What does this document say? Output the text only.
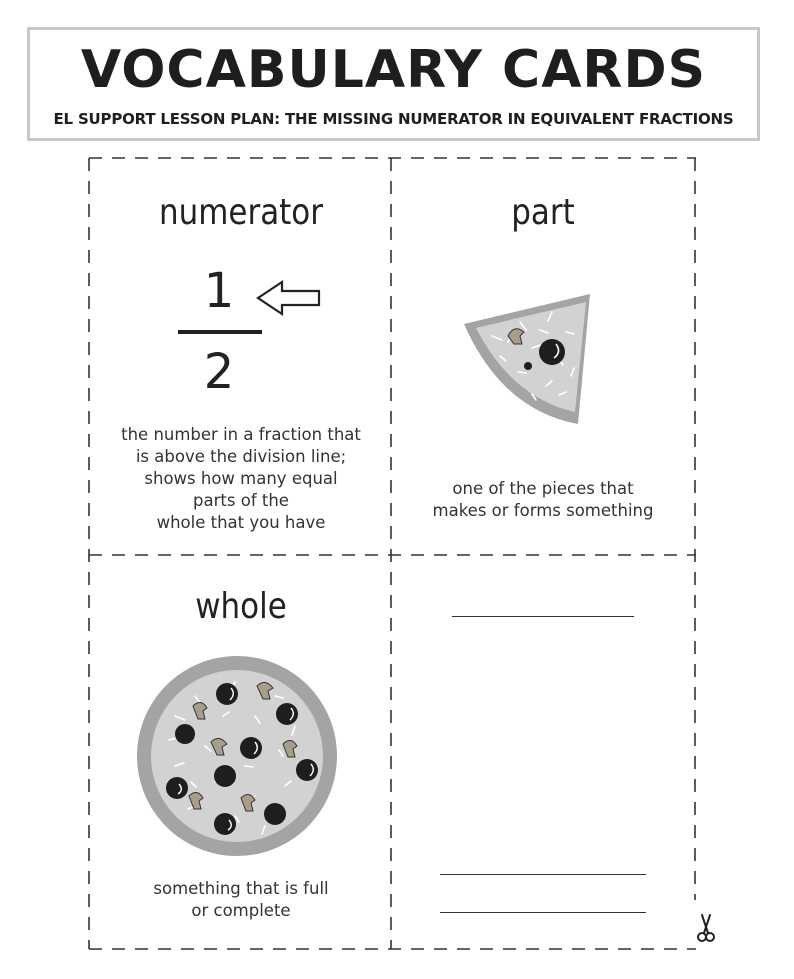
VOCABULARY CARDS
EL SUPPORT LESSON PLAN: THE MISSING NUMERATOR IN EQUIVALENT FRACTIONS
numerator
1
2
the number in a fraction that
is above the division line;
shows how many equal
parts of the
whole that you have
part
one of the pieces that
makes or forms something
whole
something that is full
or complete
